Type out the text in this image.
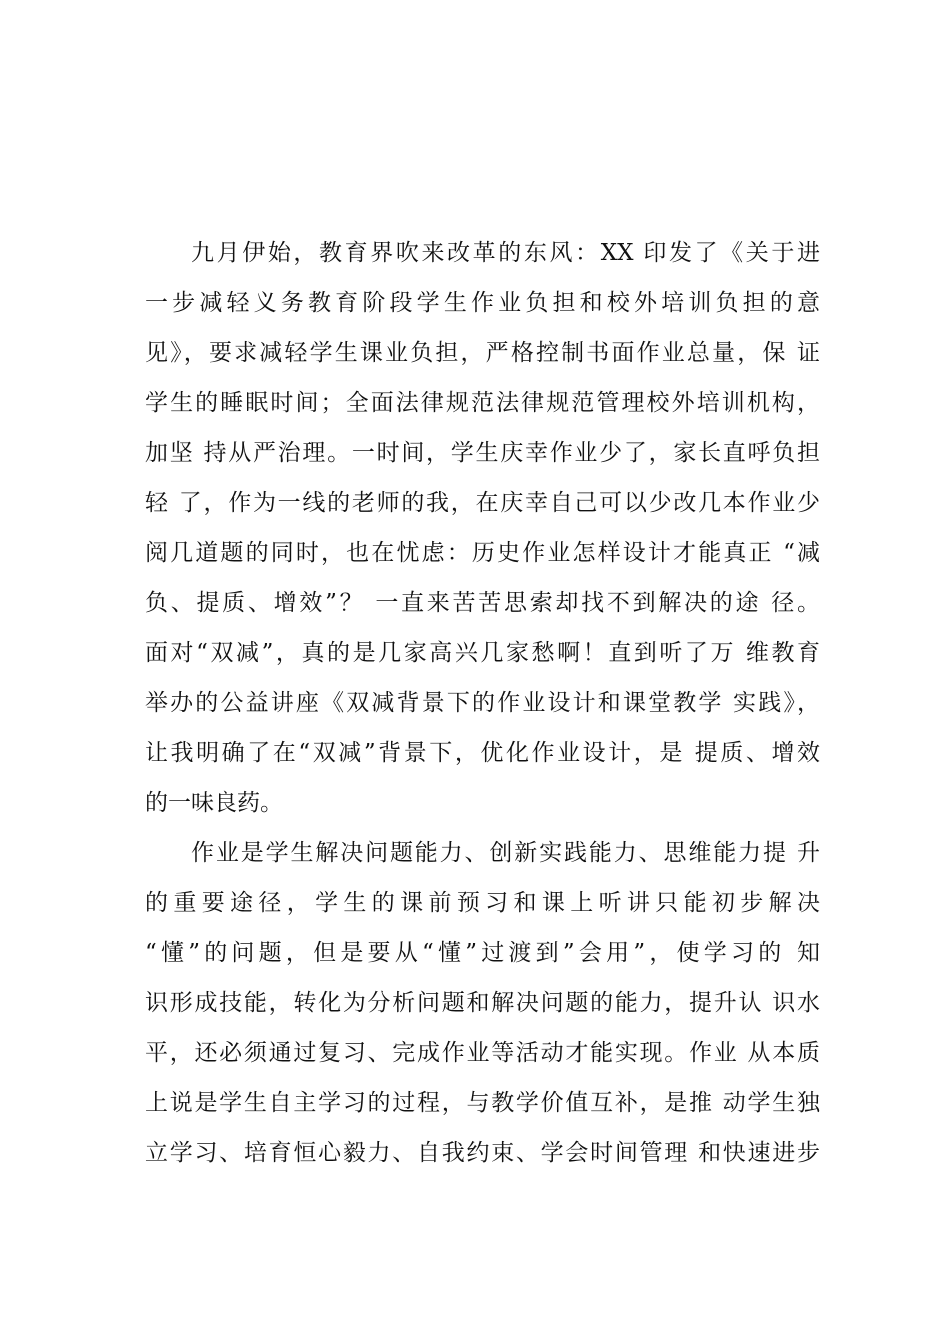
九月伊始，教育界吹来改革的东风：XX 印发了《关于进
一步减轻义务教育阶段学生作业负担和校外培训负担的意
见》，要求减轻学生课业负担，严格控制书面作业总量，保 证
学生的睡眠时间；全面法律规范法律规范管理校外培训机构，
加坚 持从严治理。一时间，学生庆幸作业少了，家长直呼负担
轻 了，作为一线的老师的我，在庆幸自己可以少改几本作业少
阅几道题的同时，也在忧虑：历史作业怎样设计才能真正 “减
负、提质、增效”？ 一直来苦苦思索却找不到解决的途 径。
面对“双减”，真的是几家高兴几家愁啊！直到听了万 维教育
举办的公益讲座《双减背景下的作业设计和课堂教学 实践》，
让我明确了在“双减”背景下，优化作业设计，是 提质、增效
的一味良药。
作业是学生解决问题能力、创新实践能力、思维能力提 升
的重要途径，学生的课前预习和课上听讲只能初步解决
“懂”的问题，但是要从“懂”过渡到”会用”，使学习的 知
识形成技能，转化为分析问题和解决问题的能力，提升认 识水
平，还必须通过复习、完成作业等活动才能实现。作业 从本质
上说是学生自主学习的过程，与教学价值互补，是推 动学生独
立学习、培育恒心毅力、自我约束、学会时间管理 和快速进步
